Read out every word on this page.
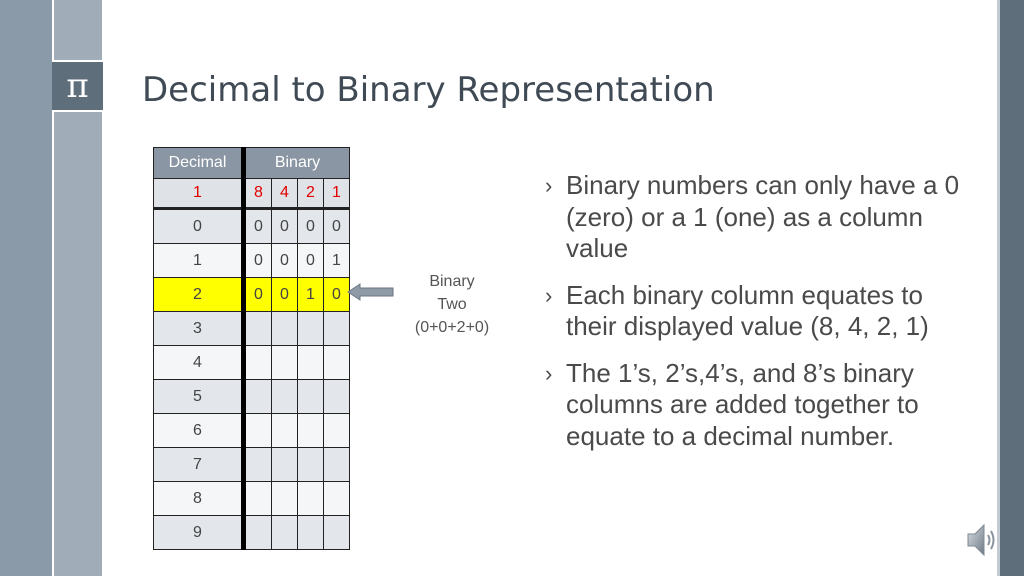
π	Decimal to Binary Representation
Decimal	Binary			
1	8	4	2	1
0	0	0	0	0
1	0	0	0	1
2	0	0	1	0
3				
4				
5				
6				
7				
8				
9				
Binary
Two
(0+0+2+0)
› Binary numbers can only have a 0 (zero) or a 1 (one) as a column value
› Each binary column equates to their displayed value (8, 4, 2, 1)
› The 1’s, 2’s,4’s, and 8’s binary columns are added together to equate to a decimal number.
